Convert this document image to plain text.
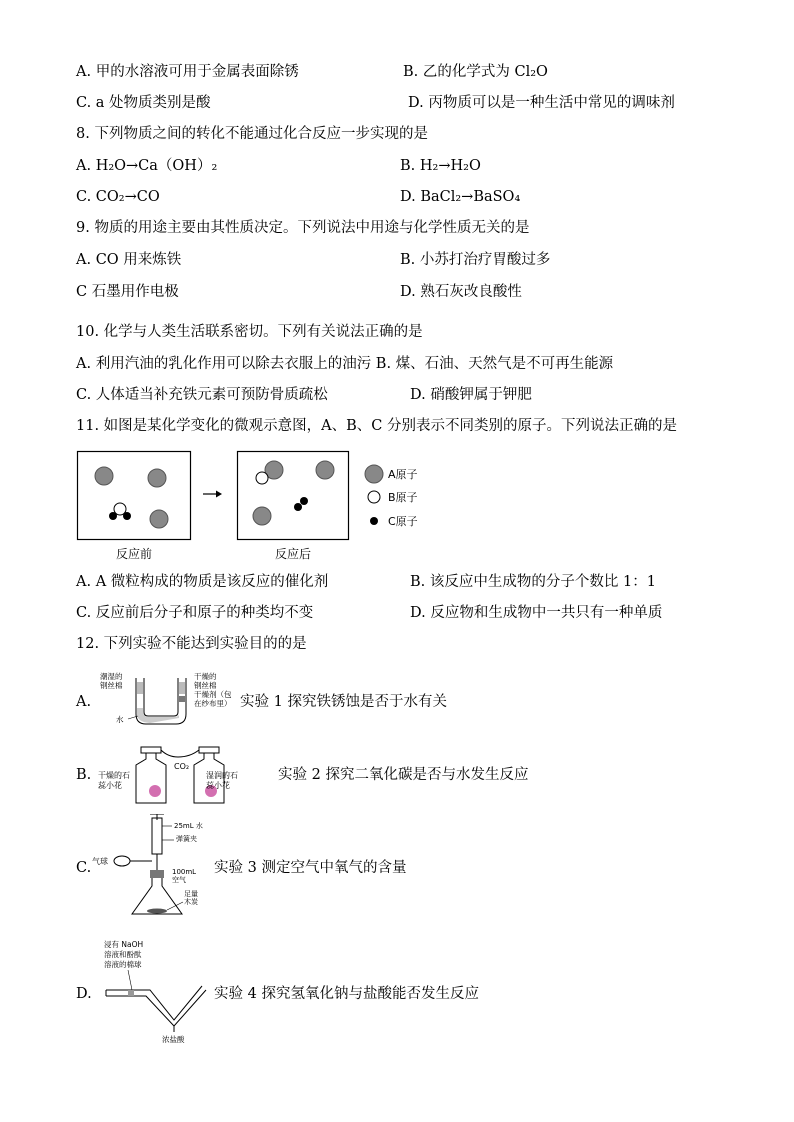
A. 甲的水溶液可用于金属表面除锈	B. 乙的化学式为 Cl₂O
C. a 处物质类别是酸	D. 丙物质可以是一种生活中常见的调味剂
8. 下列物质之间的转化不能通过化合反应一步实现的是
A. H₂O→Ca（OH）₂	B. H₂→H₂O
C. CO₂→CO	D. BaCl₂→BaSO₄
9. 物质的用途主要由其性质决定。下列说法中用途与化学性质无关的是
A. CO 用来炼铁	B. 小苏打治疗胃酸过多
C 石墨用作电极	D. 熟石灰改良酸性
10. 化学与人类生活联系密切。下列有关说法正确的是
A. 利用汽油的乳化作用可以除去衣服上的油污 B. 煤、石油、天然气是不可再生能源
C. 人体适当补充铁元素可预防骨质疏松	D. 硝酸钾属于钾肥
11. 如图是某化学变化的微观示意图，A、B、C 分别表示不同类别的原子。下列说法正确的是
A原子
B原子
C原子
反应前	反应后
A. A 微粒构成的物质是该反应的催化剂	B. 该反应中生成物的分子个数比 1：1
C. 反应前后分子和原子的种类均不变	D. 反应物和生成物中一共只有一种单质
12. 下列实验不能达到实验目的的是
A.
潮湿的
钢丝棉
干燥的
钢丝棉
干燥剂（包
在纱布里）
水
实验 1 探究铁锈蚀是否于水有关
B. 干燥的石
蕊小花
CO₂
湿润的石
蕊小花
实验 2 探究二氧化碳是否与水发生反应
C.
25mL 水
弹簧夹
气球
100mL
空气
足量
木炭
实验 3 测定空气中氧气的含量
D.
浸有 NaOH
溶液和酚酞
溶液的棉球
浓盐酸
实验 4 探究氢氧化钠与盐酸能否发生反应
